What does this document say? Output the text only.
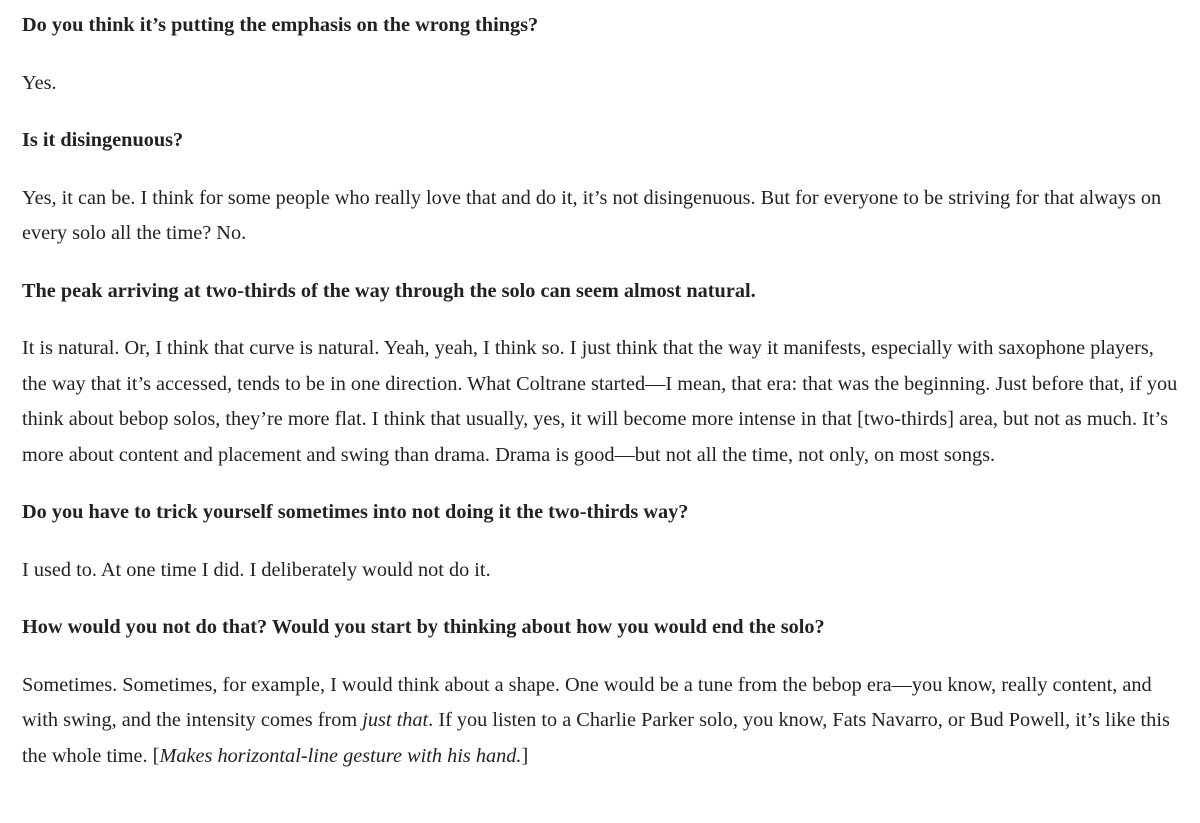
Do you think it’s putting the emphasis on the wrong things?

Yes.

Is it disingenuous?

Yes, it can be. I think for some people who really love that and do it, it’s not disingenuous. But for everyone to be striving for that always on every solo all the time? No.

The peak arriving at two-thirds of the way through the solo can seem almost natural.

It is natural. Or, I think that curve is natural. Yeah, yeah, I think so. I just think that the way it manifests, especially with saxophone players, the way that it’s accessed, tends to be in one direction. What Coltrane started—I mean, that era: that was the beginning. Just before that, if you think about bebop solos, they’re more flat. I think that usually, yes, it will become more intense in that [two-thirds] area, but not as much. It’s more about content and placement and swing than drama. Drama is good—but not all the time, not only, on most songs.

Do you have to trick yourself sometimes into not doing it the two-thirds way?

I used to. At one time I did. I deliberately would not do it.

How would you not do that? Would you start by thinking about how you would end the solo?

Sometimes. Sometimes, for example, I would think about a shape. One would be a tune from the bebop era—you know, really content, and with swing, and the intensity comes from just that. If you listen to a Charlie Parker solo, you know, Fats Navarro, or Bud Powell, it’s like this the whole time. [Makes horizontal-line gesture with his hand.]
